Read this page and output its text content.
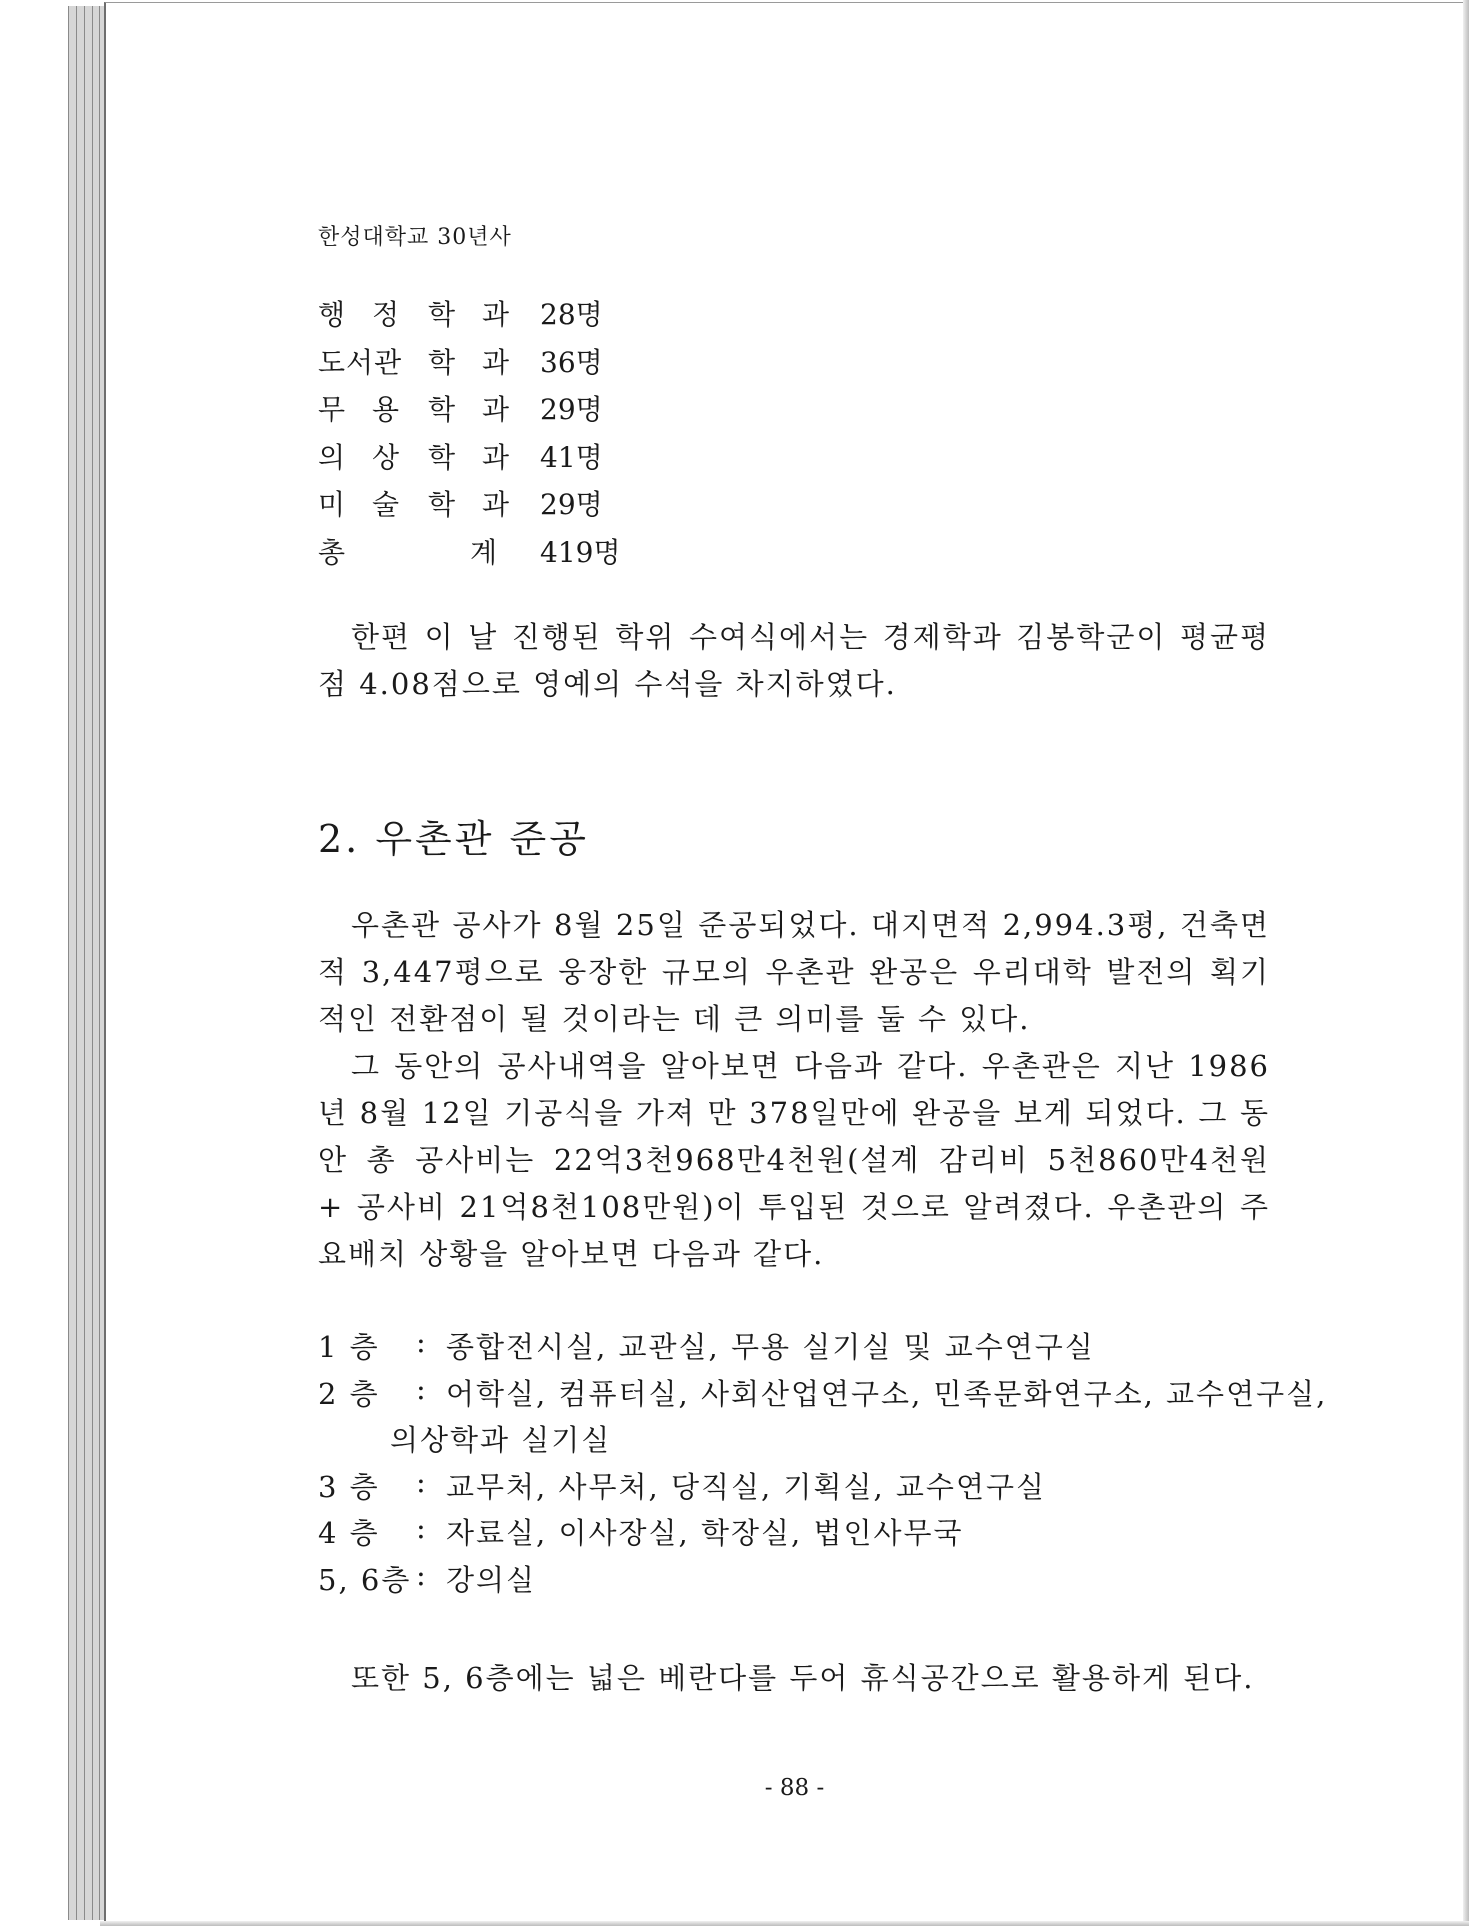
한성대학교 30년사
행 정 학 과 28명
도서관 학 과 36명
무 용 학 과 29명
의 상 학 과 41명
미 술 학 과 29명
총	계 419명

한편 이 날 진행된 학위 수여식에서는 경제학과 김봉학군이 평균평점 4.08점으로 영예의 수석을 차지하였다.

2. 우촌관 준공

우촌관 공사가 8월 25일 준공되었다. 대지면적 2,994.3평, 건축면적 3,447평으로 웅장한 규모의 우촌관 완공은 우리대학 발전의 획기적인 전환점이 될 것이라는 데 큰 의미를 둘 수 있다.

그 동안의 공사내역을 알아보면 다음과 같다. 우촌관은 지난 1986년 8월 12일 기공식을 가져 만 378일만에 완공을 보게 되었다. 그 동안 총 공사비는 22억3천968만4천원(설계 감리비 5천860만4천원 + 공사비 21억8천108만원)이 투입된 것으로 알려졌다. 우촌관의 주요배치 상황을 알아보면 다음과 같다.

1 층 : 종합전시실, 교관실, 무용 실기실 및 교수연구실
2 층 : 어학실, 컴퓨터실, 사회산업연구소, 민족문화연구소, 교수연구실,
의상학과 실기실
3 층 : 교무처, 사무처, 당직실, 기획실, 교수연구실
4 층 : 자료실, 이사장실, 학장실, 법인사무국
5, 6층 : 강의실

또한 5, 6층에는 넓은 베란다를 두어 휴식공간으로 활용하게 된다.

- 88 -
